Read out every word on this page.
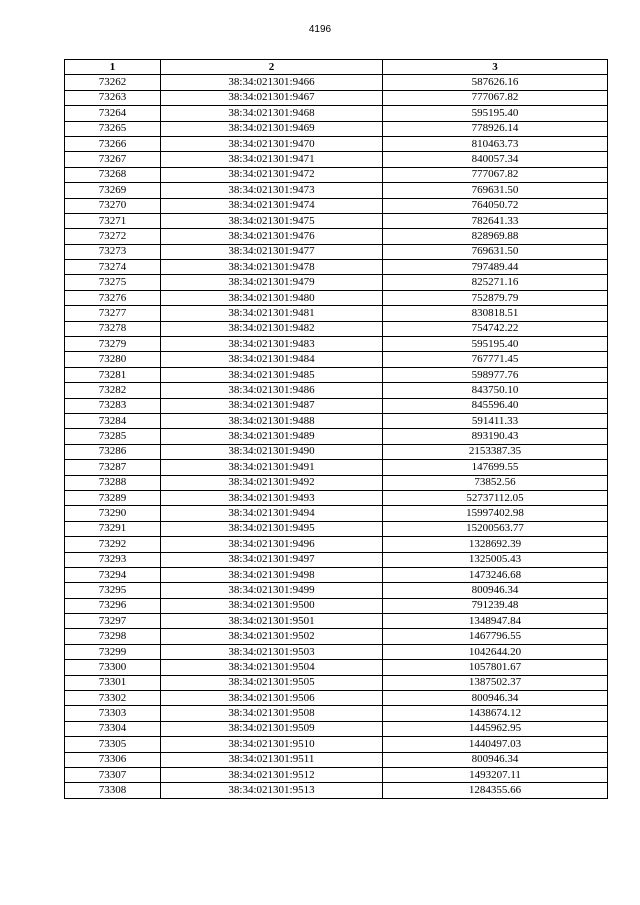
4196
1	2	3
73262	38:34:021301:9466	587626.16
73263	38:34:021301:9467	777067.82
73264	38:34:021301:9468	595195.40
73265	38:34:021301:9469	778926.14
73266	38:34:021301:9470	810463.73
73267	38:34:021301:9471	840057.34
73268	38:34:021301:9472	777067.82
73269	38:34:021301:9473	769631.50
73270	38:34:021301:9474	764050.72
73271	38:34:021301:9475	782641.33
73272	38:34:021301:9476	828969.88
73273	38:34:021301:9477	769631.50
73274	38:34:021301:9478	797489.44
73275	38:34:021301:9479	825271.16
73276	38:34:021301:9480	752879.79
73277	38:34:021301:9481	830818.51
73278	38:34:021301:9482	754742.22
73279	38:34:021301:9483	595195.40
73280	38:34:021301:9484	767771.45
73281	38:34:021301:9485	598977.76
73282	38:34:021301:9486	843750.10
73283	38:34:021301:9487	845596.40
73284	38:34:021301:9488	591411.33
73285	38:34:021301:9489	893190.43
73286	38:34:021301:9490	2153387.35
73287	38:34:021301:9491	147699.55
73288	38:34:021301:9492	73852.56
73289	38:34:021301:9493	52737112.05
73290	38:34:021301:9494	15997402.98
73291	38:34:021301:9495	15200563.77
73292	38:34:021301:9496	1328692.39
73293	38:34:021301:9497	1325005.43
73294	38:34:021301:9498	1473246.68
73295	38:34:021301:9499	800946.34
73296	38:34:021301:9500	791239.48
73297	38:34:021301:9501	1348947.84
73298	38:34:021301:9502	1467796.55
73299	38:34:021301:9503	1042644.20
73300	38:34:021301:9504	1057801.67
73301	38:34:021301:9505	1387502.37
73302	38:34:021301:9506	800946.34
73303	38:34:021301:9508	1438674.12
73304	38:34:021301:9509	1445962.95
73305	38:34:021301:9510	1440497.03
73306	38:34:021301:9511	800946.34
73307	38:34:021301:9512	1493207.11
73308	38:34:021301:9513	1284355.66
